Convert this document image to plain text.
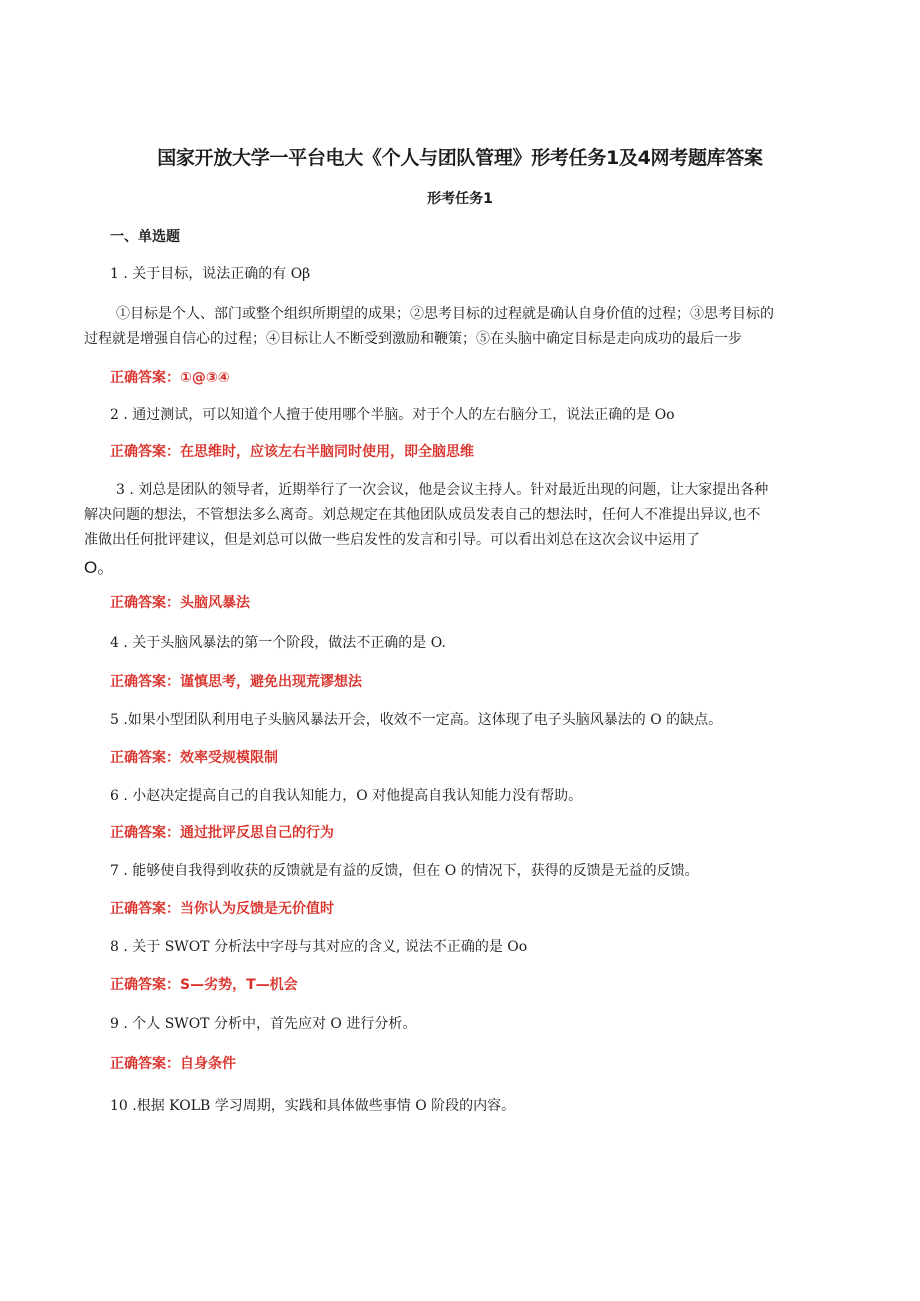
国家开放大学一平台电大《个人与团队管理》形考任务1及4网考题库答案
形考任务1
一、单选题
1 . 关于目标，说法正确的有 Oβ
①目标是个人、部门或整个组织所期望的成果；②思考目标的过程就是确认自身价值的过程；③思考目标的
过程就是增强自信心的过程；④目标让人不断受到激励和鞭策；⑤在头脑中确定目标是走向成功的最后一步
正确答案：①@③④
2 . 通过测试，可以知道个人擅于使用哪个半脑。对于个人的左右脑分工，说法正确的是 Oo
正确答案：在思维时，应该左右半脑同时使用，即全脑思维
3 . 刘总是团队的领导者，近期举行了一次会议，他是会议主持人。针对最近出现的问题，让大家提出各种
解决问题的想法，不管想法多么离奇。刘总规定在其他团队成员发表自己的想法时，任何人不准提出异议,也不
准做出任何批评建议，但是刘总可以做一些启发性的发言和引导。可以看出刘总在这次会议中运用了
O。
正确答案：头脑风暴法
4 . 关于头脑风暴法的第一个阶段，做法不正确的是 O.
正确答案：谨慎思考，避免出现荒谬想法
5 .如果小型团队利用电子头脑风暴法开会，收效不一定高。这体现了电子头脑风暴法的 O 的缺点。
正确答案：效率受规模限制
6 . 小赵决定提高自己的自我认知能力，O 对他提高自我认知能力没有帮助。
正确答案：通过批评反思自己的行为
7 . 能够使自我得到收获的反馈就是有益的反馈，但在 O 的情况下，获得的反馈是无益的反馈。
正确答案：当你认为反馈是无价值时
8 . 关于 SWOT 分析法中字母与其对应的含义, 说法不正确的是 Oo
正确答案：S—劣势，T—机会
9 . 个人 SWOT 分析中，首先应对 O 进行分析。
正确答案：自身条件
10 .根据 KOLB 学习周期，实践和具体做些事情 O 阶段的内容。
